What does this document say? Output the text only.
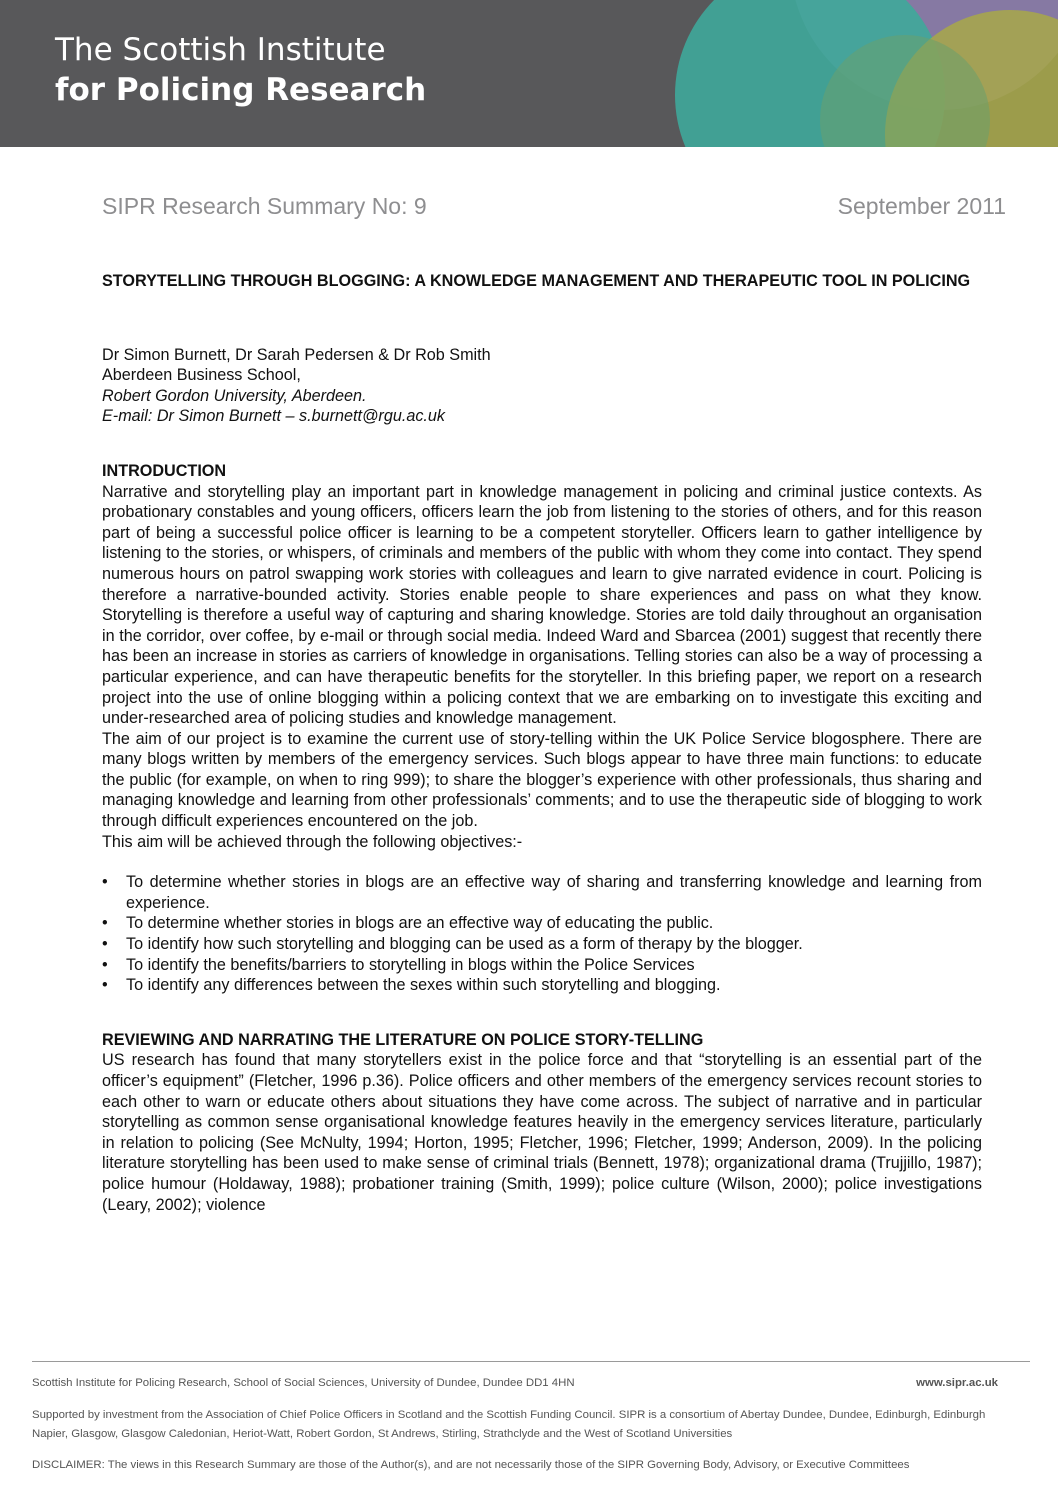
The Scottish Institute
for Policing Research
SIPR Research Summary No: 9	September 2011
STORYTELLING THROUGH BLOGGING: A KNOWLEDGE MANAGEMENT AND THERAPEUTIC TOOL IN POLICING
Dr Simon Burnett, Dr Sarah Pedersen & Dr Rob Smith
Aberdeen Business School,
Robert Gordon University, Aberdeen.
E-mail: Dr Simon Burnett – s.burnett@rgu.ac.uk
INTRODUCTION

Narrative and storytelling play an important part in knowledge management in policing and criminal justice contexts. As probationary constables and young officers, officers learn the job from listening to the stories of others, and for this reason part of being a successful police officer is learning to be a competent storyteller. Officers learn to gather intelligence by listening to the stories, or whispers, of criminals and members of the public with whom they come into contact. They spend numerous hours on patrol swapping work stories with colleagues and learn to give narrated evidence in court. Policing is therefore a narrative-bounded activity. Stories enable people to share experiences and pass on what they know. Storytelling is therefore a useful way of capturing and sharing knowledge. Stories are told daily throughout an organisation in the corridor, over coffee, by e-mail or through social media. Indeed Ward and Sbarcea (2001) suggest that recently there has been an increase in stories as carriers of knowledge in organisations. Telling stories can also be a way of processing a particular experience, and can have therapeutic benefits for the storyteller. In this briefing paper, we report on a research project into the use of online blogging within a policing context that we are embarking on to investigate this exciting and under-researched area of policing studies and knowledge management.

The aim of our project is to examine the current use of story-telling within the UK Police Service blogosphere. There are many blogs written by members of the emergency services. Such blogs appear to have three main functions: to educate the public (for example, on when to ring 999); to share the blogger’s experience with other professionals, thus sharing and managing knowledge and learning from other professionals’ comments; and to use the therapeutic side of blogging to work through difficult experiences encountered on the job.

This aim will be achieved through the following objectives:-

• To determine whether stories in blogs are an effective way of sharing and transferring knowledge and learning from experience.
• To determine whether stories in blogs are an effective way of educating the public.
• To identify how such storytelling and blogging can be used as a form of therapy by the blogger.
• To identify the benefits/barriers to storytelling in blogs within the Police Services
• To identify any differences between the sexes within such storytelling and blogging.
REVIEWING AND NARRATING THE LITERATURE ON POLICE STORY-TELLING

US research has found that many storytellers exist in the police force and that “storytelling is an essential part of the officer’s equipment” (Fletcher, 1996 p.36). Police officers and other members of the emergency services recount stories to each other to warn or educate others about situations they have come across. The subject of narrative and in particular storytelling as common sense organisational knowledge features heavily in the emergency services literature, particularly in relation to policing (See McNulty, 1994; Horton, 1995; Fletcher, 1996; Fletcher, 1999; Anderson, 2009). In the policing literature storytelling has been used to make sense of criminal trials (Bennett, 1978); organizational drama (Trujjillo, 1987); police humour (Holdaway, 1988); probationer training (Smith, 1999); police culture (Wilson, 2000); police investigations (Leary, 2002); violence

Scottish Institute for Policing Research, School of Social Sciences, University of Dundee, Dundee DD1 4HN	www.sipr.ac.uk
Supported by investment from the Association of Chief Police Officers in Scotland and the Scottish Funding Council. SIPR is a consortium of Abertay Dundee, Dundee, Edinburgh, Edinburgh Napier, Glasgow, Glasgow Caledonian, Heriot-Watt, Robert Gordon, St Andrews, Stirling, Strathclyde and the West of Scotland Universities
DISCLAIMER: The views in this Research Summary are those of the Author(s), and are not necessarily those of the SIPR Governing Body, Advisory, or Executive Committees
